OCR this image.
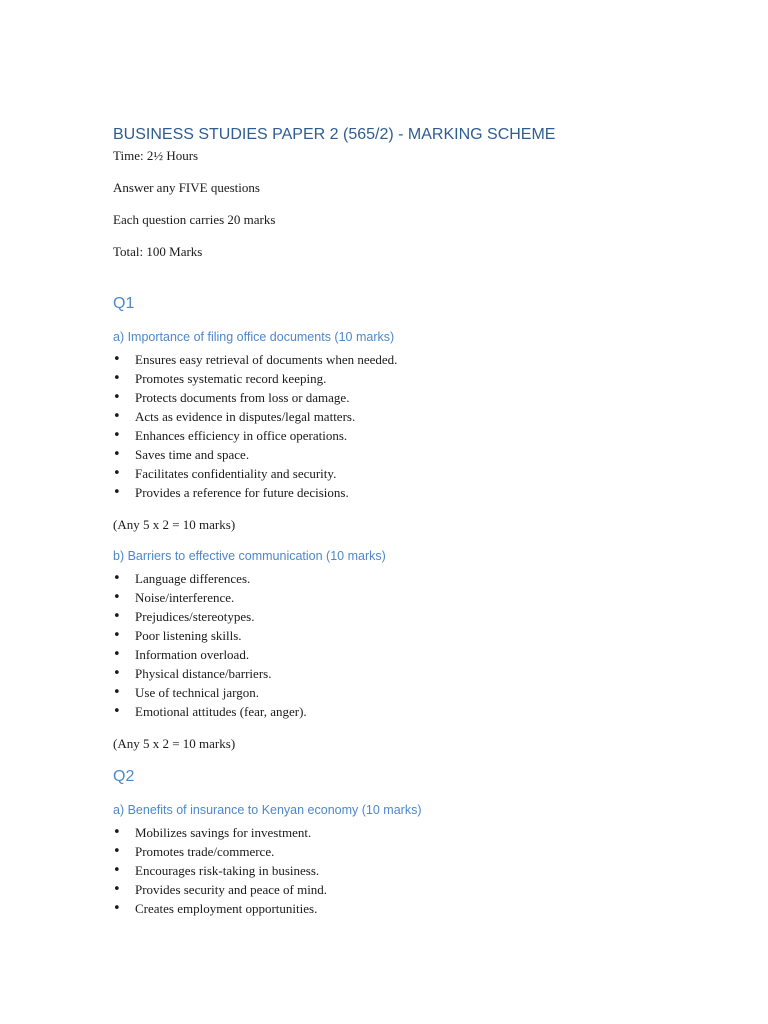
BUSINESS STUDIES PAPER 2 (565/2) - MARKING SCHEME

Time: 2½ Hours

Answer any FIVE questions

Each question carries 20 marks

Total: 100 Marks

Q1
a) Importance of filing office documents (10 marks)
• Ensures easy retrieval of documents when needed.
• Promotes systematic record keeping.
• Protects documents from loss or damage.
• Acts as evidence in disputes/legal matters.
• Enhances efficiency in office operations.
• Saves time and space.
• Facilitates confidentiality and security.
• Provides a reference for future decisions.

(Any 5 x 2 = 10 marks)

b) Barriers to effective communication (10 marks)
• Language differences.
• Noise/interference.
• Prejudices/stereotypes.
• Poor listening skills.
• Information overload.
• Physical distance/barriers.
• Use of technical jargon.
• Emotional attitudes (fear, anger).

(Any 5 x 2 = 10 marks)

Q2
a) Benefits of insurance to Kenyan economy (10 marks)
• Mobilizes savings for investment.
• Promotes trade/commerce.
• Encourages risk-taking in business.
• Provides security and peace of mind.
• Creates employment opportunities.
